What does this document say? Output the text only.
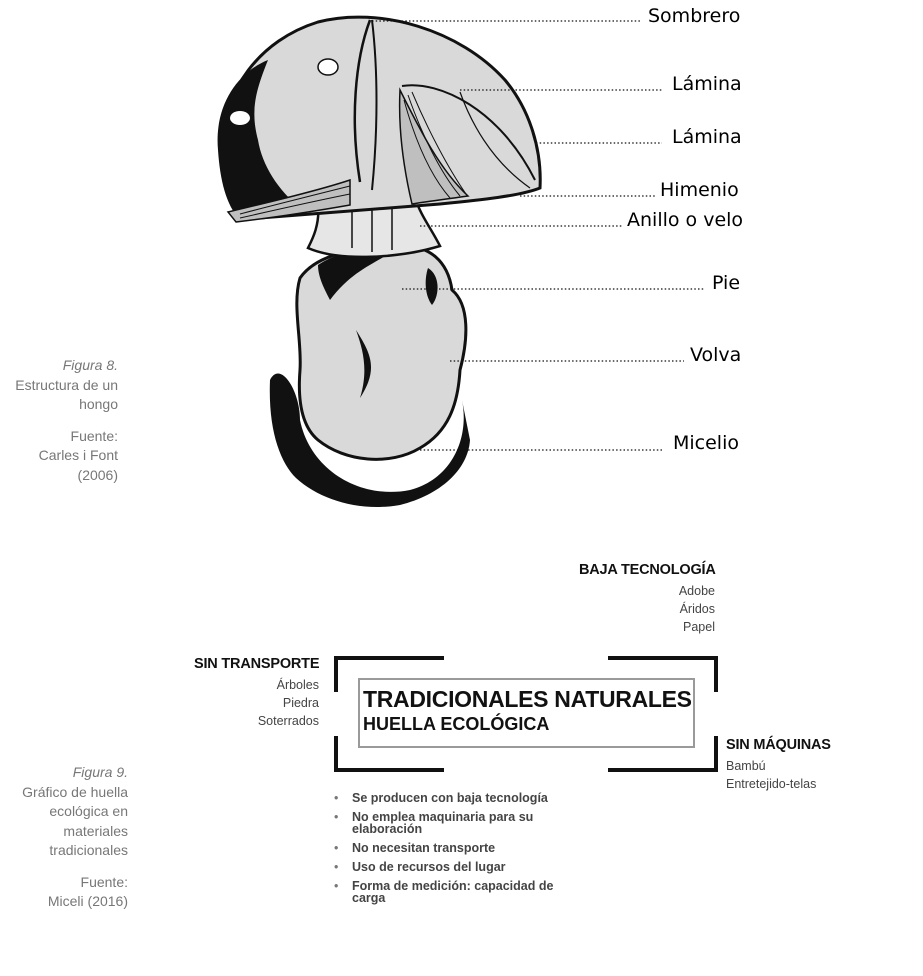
Sombrero
Lámina
Lámina
Himenio
Anillo o velo
Pie
Volva
Micelio
Figura 8.
Estructura de un hongo
Fuente:
Carles i Font (2006)
BAJA TECNOLOGÍA
Adobe
Áridos
Papel
SIN TRANSPORTE
Árboles
Piedra
Soterrados
SIN MÁQUINAS
Bambú
Entretejido-telas
TRADICIONALES NATURALES
HUELLA ECOLÓGICA
• Se producen con baja tecnología
• No emplea maquinaria para su elaboración
• No necesitan transporte
• Uso de recursos del lugar
• Forma de medición: capacidad de carga
Figura 9.
Gráfico de huella ecológica en materiales tradicionales
Fuente:
Miceli (2016)
